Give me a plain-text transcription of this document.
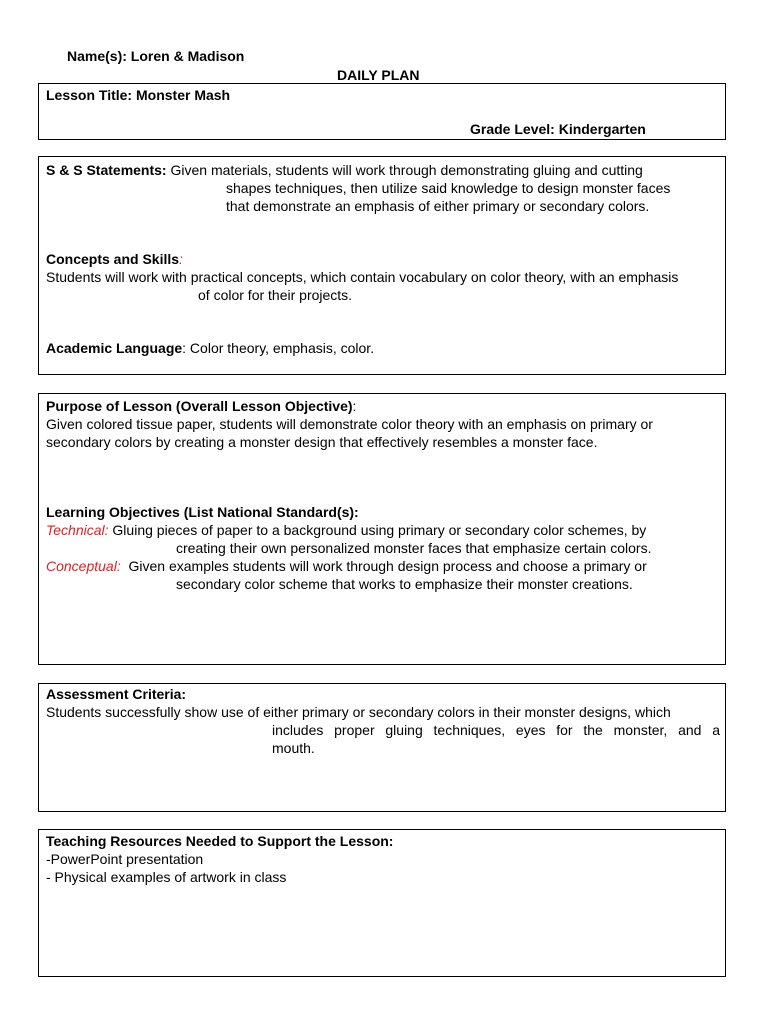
Name(s): Loren & Madison
DAILY PLAN
Lesson Title: Monster Mash
Grade Level: Kindergarten
S & S Statements: Given materials, students will work through demonstrating gluing and cutting
shapes techniques, then utilize said knowledge to design monster faces
that demonstrate an emphasis of either primary or secondary colors.
Concepts and Skills:
Students will work with practical concepts, which contain vocabulary on color theory, with an emphasis
of color for their projects.
Academic Language: Color theory, emphasis, color.
Purpose of Lesson (Overall Lesson Objective):
Given colored tissue paper, students will demonstrate color theory with an emphasis on primary or
secondary colors by creating a monster design that effectively resembles a monster face.
Learning Objectives (List National Standard(s):
Technical: Gluing pieces of paper to a background using primary or secondary color schemes, by
creating their own personalized monster faces that emphasize certain colors.
Conceptual:  Given examples students will work through design process and choose a primary or
secondary color scheme that works to emphasize their monster creations.
Assessment Criteria:
Students successfully show use of either primary or secondary colors in their monster designs, which
includes proper gluing techniques, eyes for the monster, and a
mouth.
Teaching Resources Needed to Support the Lesson:
-PowerPoint presentation
- Physical examples of artwork in class
